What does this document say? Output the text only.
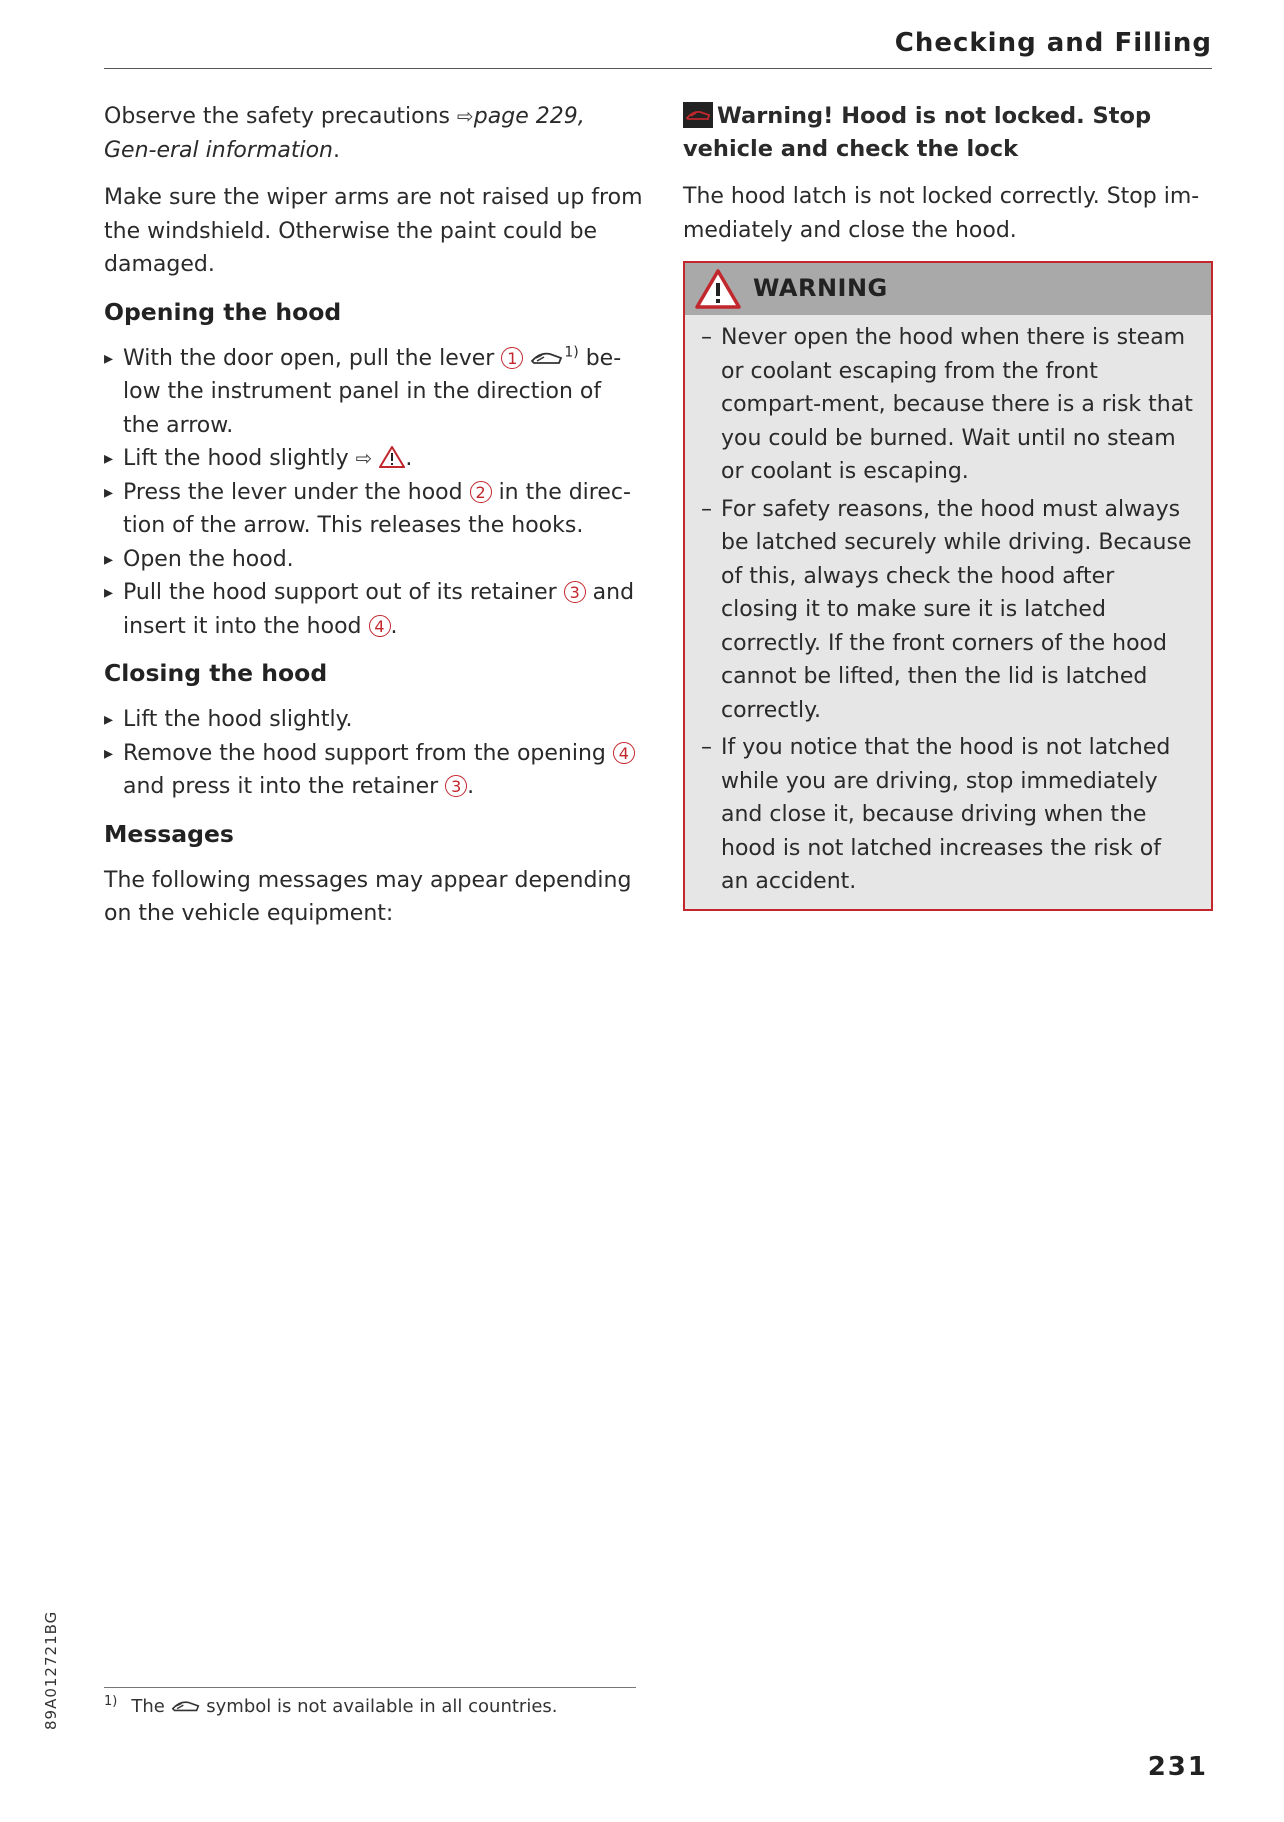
Checking and Filling

Observe the safety precautions ⇨page 229, Gen-eral information.

Make sure the wiper arms are not raised up from the windshield. Otherwise the paint could be damaged.

Opening the hood
▸ With the door open, pull the lever 1	$^{1)}$ be-low the instrument panel in the direction of the arrow.
▸ Lift the hood slightly ⇨ .
▸ Press the lever under the hood 2 in the direc-tion of the arrow. This releases the hooks.
▸ Open the hood.
▸ Pull the hood support out of its retainer 3 and insert it into the hood 4 .
Closing the hood
▸ Lift the hood slightly.
▸ Remove the hood support from the opening 4 and press it into the retainer 3 .
Messages

The following messages may appear depending on the vehicle equipment:

Warning! Hood is not locked. Stop vehicle and check the lock

The hood latch is not locked correctly. Stop im-mediately and close the hood.

WARNING
– Never open the hood when there is steam or coolant escaping from the front compart-ment, because there is a risk that you could be burned. Wait until no steam or coolant is escaping.
– For safety reasons, the hood must always be latched securely while driving. Because of this, always check the hood after closing it to make sure it is latched correctly. If the front corners of the hood cannot be lifted, then the lid is latched correctly.
– If you notice that the hood is not latched while you are driving, stop immediately and close it, because driving when the hood is not latched increases the risk of an accident.
89A012721BG	$^{1)}$ The  symbol is not available in all countries.
231
